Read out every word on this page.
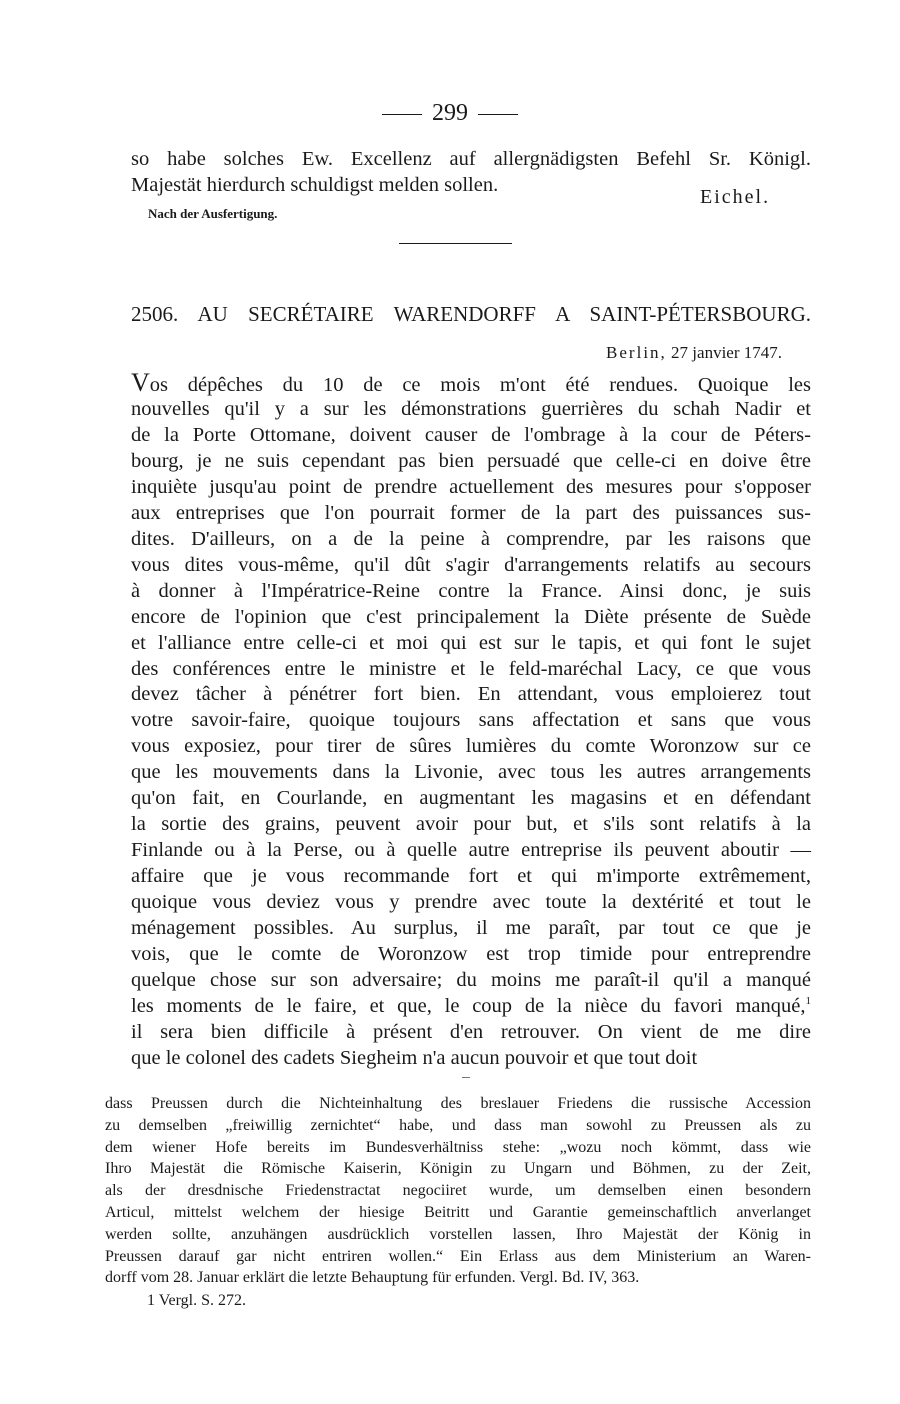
299
so habe solches Ew. Excellenz auf allergnädigsten Befehl Sr. Königl.
Majestät hierdurch schuldigst melden sollen.
Eichel.
Nach der Ausfertigung.
2506. AU SECRÉTAIRE WARENDORFF A SAINT-PÉTERSBOURG.
Berlin, 27 janvier 1747.
Vos dépêches du 10 de ce mois m'ont été rendues. Quoique les
nouvelles qu'il y a sur les démonstrations guerrières du schah Nadir et
de la Porte Ottomane, doivent causer de l'ombrage à la cour de Péters-
bourg, je ne suis cependant pas bien persuadé que celle-ci en doive être
inquiète jusqu'au point de prendre actuellement des mesures pour s'opposer
aux entreprises que l'on pourrait former de la part des puissances sus-
dites. D'ailleurs, on a de la peine à comprendre, par les raisons que
vous dites vous-même, qu'il dût s'agir d'arrangements relatifs au secours
à donner à l'Impératrice-Reine contre la France. Ainsi donc, je suis
encore de l'opinion que c'est principalement la Diète présente de Suède
et l'alliance entre celle-ci et moi qui est sur le tapis, et qui font le sujet
des conférences entre le ministre et le feld-maréchal Lacy, ce que vous
devez tâcher à pénétrer fort bien. En attendant, vous emploierez tout
votre savoir-faire, quoique toujours sans affectation et sans que vous
vous exposiez, pour tirer de sûres lumières du comte Woronzow sur ce
que les mouvements dans la Livonie, avec tous les autres arrangements
qu'on fait, en Courlande, en augmentant les magasins et en défendant
la sortie des grains, peuvent avoir pour but, et s'ils sont relatifs à la
Finlande ou à la Perse, ou à quelle autre entreprise ils peuvent aboutir —
affaire que je vous recommande fort et qui m'importe extrêmement,
quoique vous deviez vous y prendre avec toute la dextérité et tout le
ménagement possibles. Au surplus, il me paraît, par tout ce que je
vois, que le comte de Woronzow est trop timide pour entreprendre
quelque chose sur son adversaire; du moins me paraît-il qu'il a manqué
les moments de le faire, et que, le coup de la nièce du favori manqué,$^1$
il sera bien difficile à présent d'en retrouver. On vient de me dire
que le colonel des cadets Siegheim n'a aucun pouvoir et que tout doit
dass Preussen durch die Nichteinhaltung des breslauer Friedens die russische Accession
zu demselben „freiwillig zernichtet“ habe, und dass man sowohl zu Preussen als zu
dem wiener Hofe bereits im Bundesverhältniss stehe: „wozu noch kömmt, dass wie
Ihro Majestät die Römische Kaiserin, Königin zu Ungarn und Böhmen, zu der Zeit,
als der dresdnische Friedenstractat negociiret wurde, um demselben einen besondern
Articul, mittelst welchem der hiesige Beitritt und Garantie gemeinschaftlich anverlanget
werden sollte, anzuhängen ausdrücklich vorstellen lassen, Ihro Majestät der König in
Preussen darauf gar nicht entriren wollen.“ Ein Erlass aus dem Ministerium an Waren-
dorff vom 28. Januar erklärt die letzte Behauptung für erfunden. Vergl. Bd. IV, 363.
1 Vergl. S. 272.
